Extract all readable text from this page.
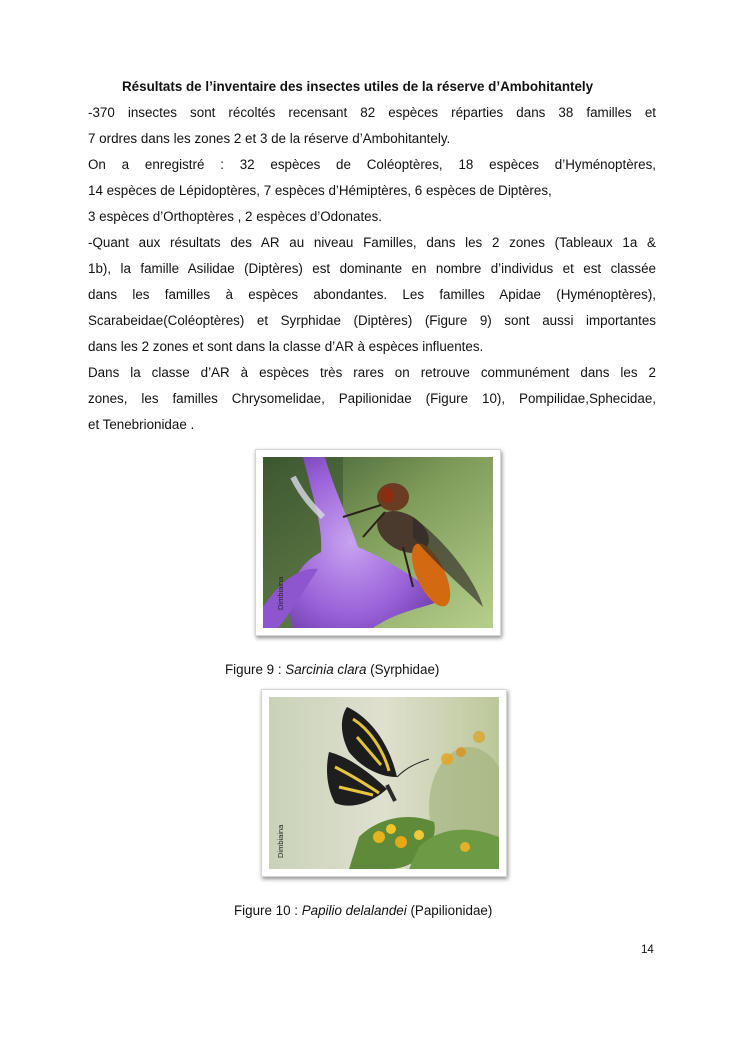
Résultats de l’inventaire des insectes utiles de la réserve d’Ambohitantely
-370 insectes sont récoltés recensant 82 espèces réparties dans 38 familles et
7 ordres dans les zones 2 et 3 de la réserve d’Ambohitantely.
On a enregistré : 32 espèces de Coléoptères, 18 espèces d’Hyménoptères,
14 espèces de Lépidoptères, 7 espèces d’Hémiptères, 6 espèces de Diptères,
3 espèces d’Orthoptères , 2 espèces d’Odonates.
-Quant aux résultats des AR au niveau Familles, dans les 2 zones (Tableaux 1a &
1b), la famille Asilidae (Diptères) est dominante en nombre d’individus et est classée
dans les familles à espèces abondantes. Les familles Apidae (Hyménoptères),
Scarabeidae(Coléoptères) et Syrphidae (Diptères) (Figure 9) sont aussi importantes
dans les 2 zones et sont dans la classe d’AR à espèces influentes.
Dans la classe d’AR à espèces très rares on retrouve communément dans les 2
zones, les familles Chrysomelidae, Papilionidae (Figure 10), Pompilidae,Sphecidae,
et Tenebrionidae .
Dimbiaina
Figure 9 : Sarcinia clara (Syrphidae)
Dimbiaina
Figure 10 : Papilio delalandei (Papilionidae)
14
